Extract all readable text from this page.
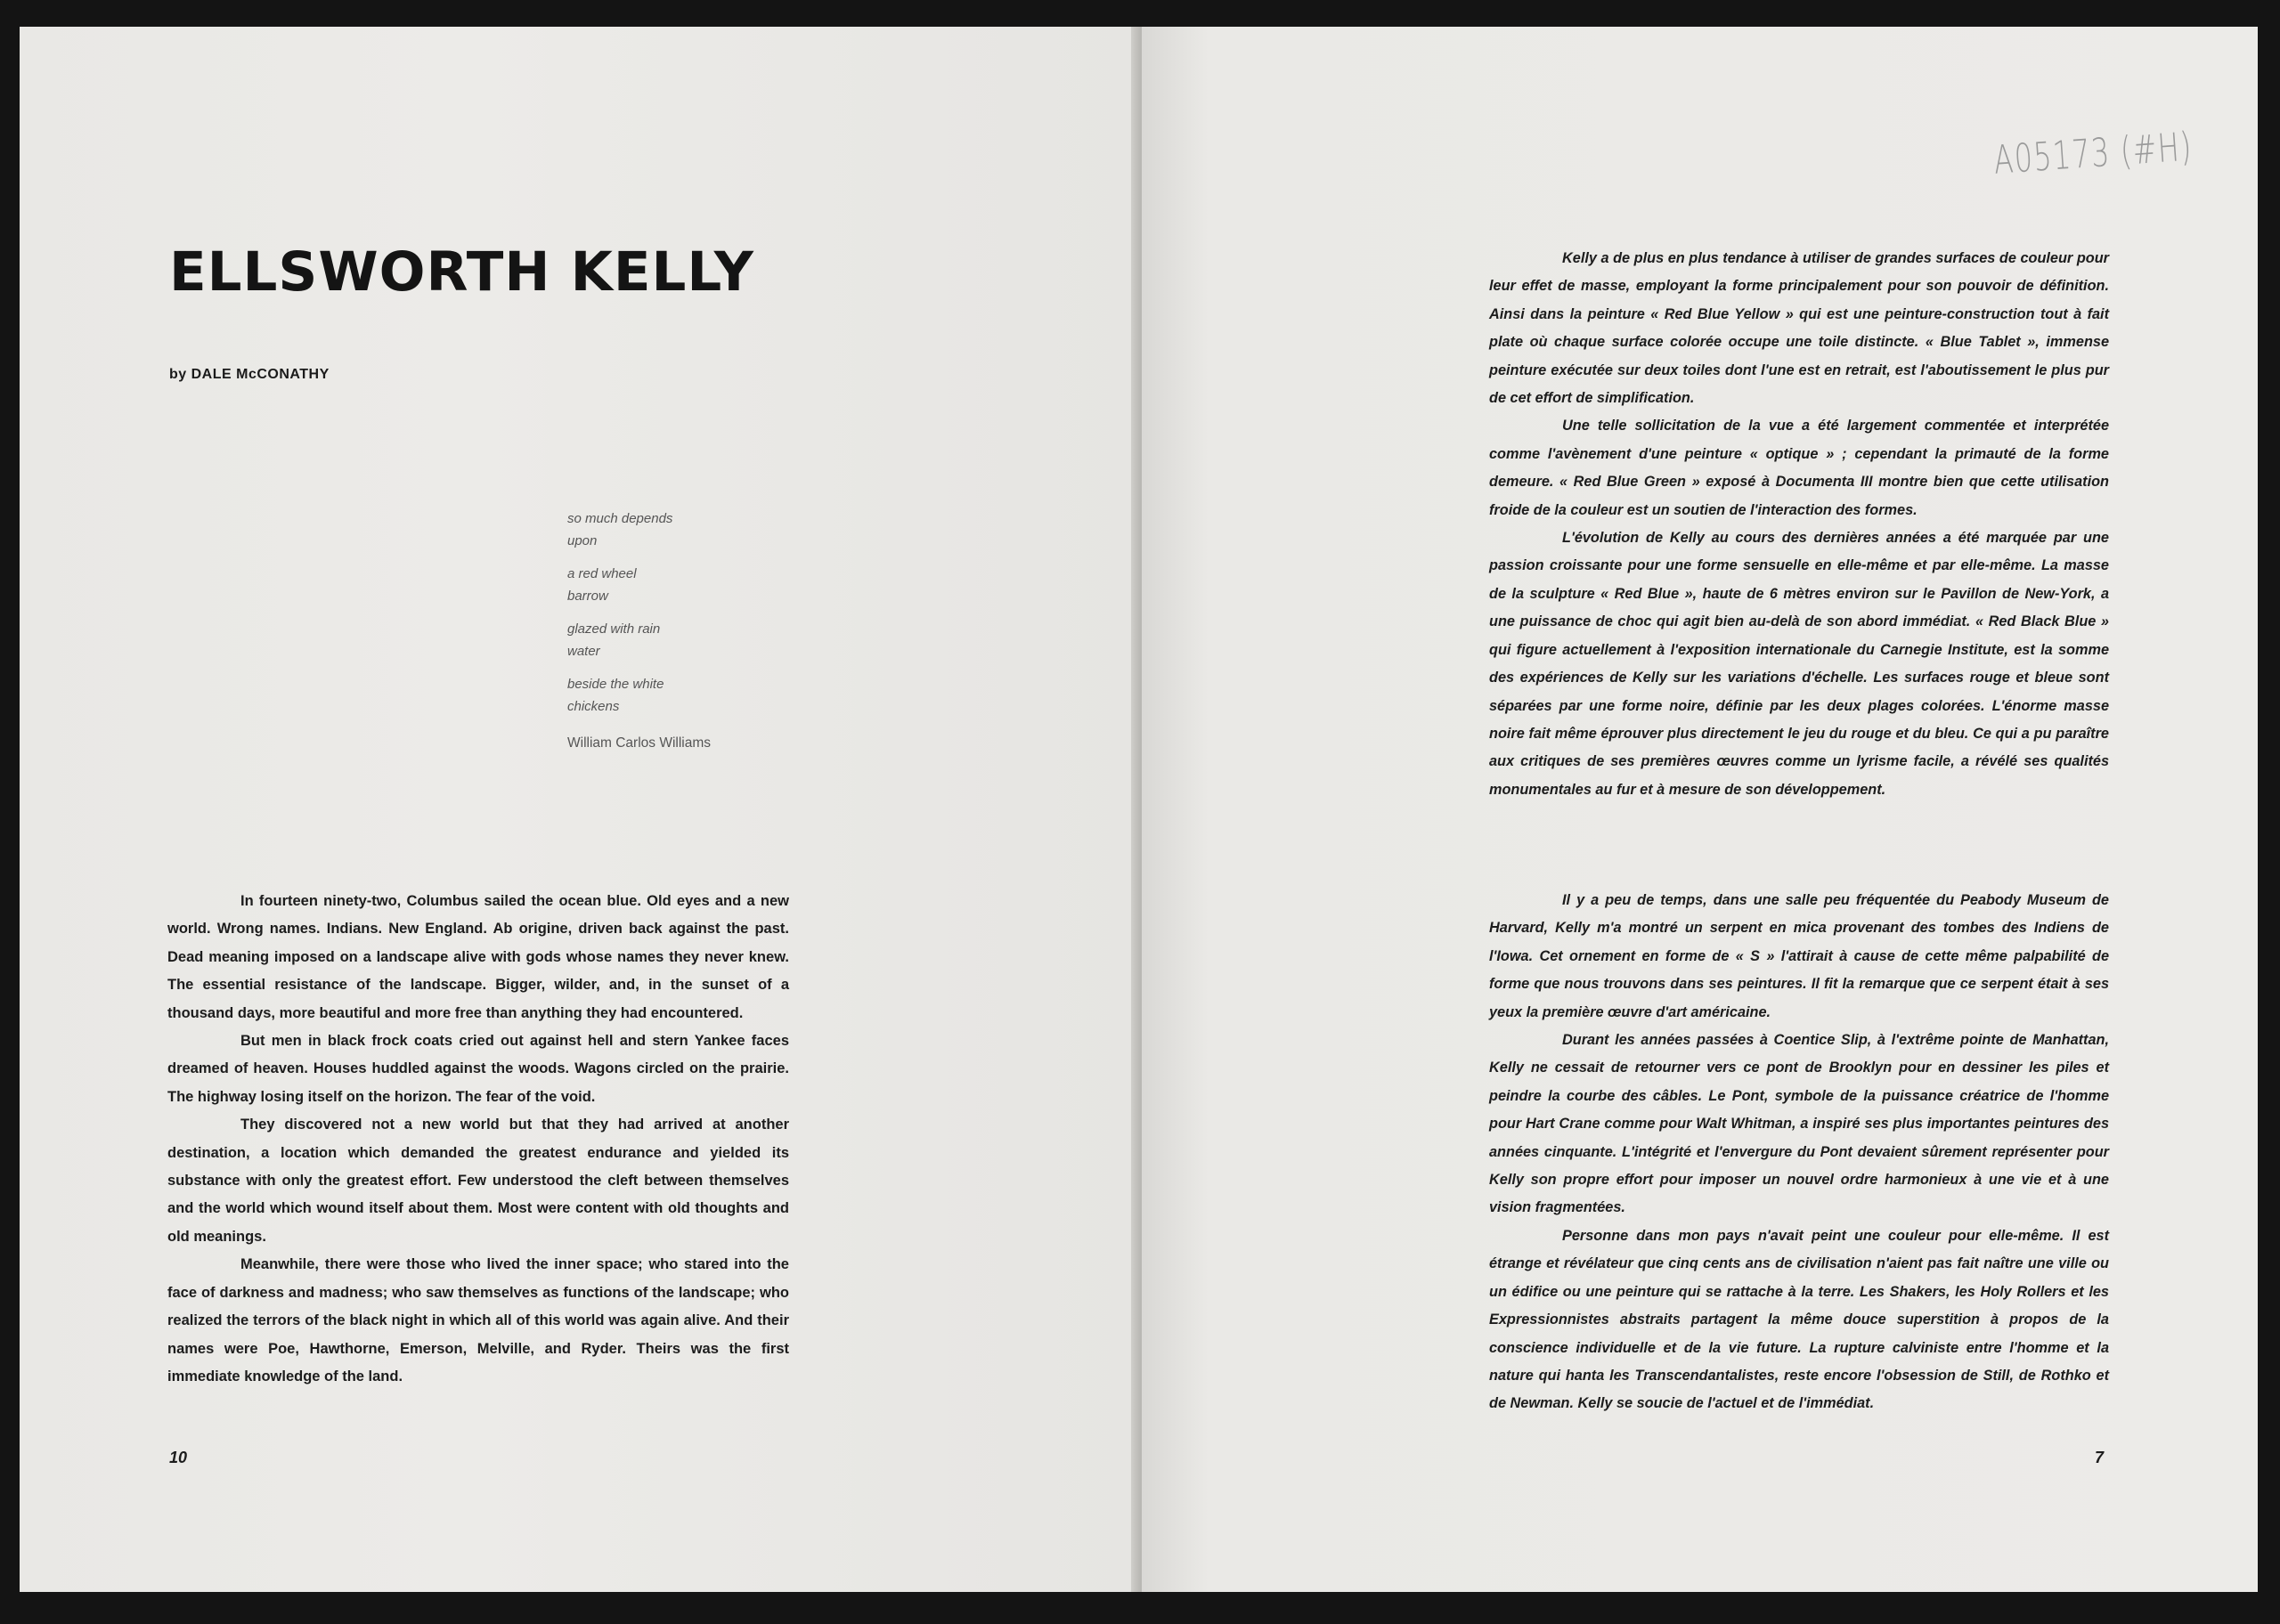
ELLSWORTH KELLY
by DALE McCONATHY
so much depends
upon
a red wheel
barrow
glazed with rain
water
beside the white
chickens
William Carlos Williams

In fourteen ninety-two, Columbus sailed the ocean blue. Old eyes and a new world. Wrong names. Indians. New England. Ab origine, driven back against the past. Dead meaning imposed on a landscape alive with gods whose names they never knew. The essential resistance of the landscape. Bigger, wilder, and, in the sunset of a thousand days, more beautiful and more free than anything they had encountered.

But men in black frock coats cried out against hell and stern Yankee faces dreamed of heaven. Houses huddled against the woods. Wagons circled on the prairie. The highway losing itself on the horizon. The fear of the void.

They discovered not a new world but that they had arrived at another destination, a location which demanded the greatest endurance and yielded its substance with only the greatest effort. Few understood the cleft between themselves and the world which wound itself about them. Most were content with old thoughts and old meanings.

Meanwhile, there were those who lived the inner space; who stared into the face of darkness and madness; who saw themselves as functions of the landscape; who realized the terrors of the black night in which all of this world was again alive. And their names were Poe, Hawthorne, Emerson, Melville, and Ryder. Theirs was the first immediate knowledge of the land.

10
A05173 (#H)

Kelly a de plus en plus tendance à utiliser de grandes surfaces de couleur pour leur effet de masse, employant la forme principalement pour son pouvoir de définition. Ainsi dans la peinture « Red Blue Yellow » qui est une peinture-construction tout à fait plate où chaque surface colorée occupe une toile distincte. « Blue Tablet », immense peinture exécutée sur deux toiles dont l'une est en retrait, est l'aboutissement le plus pur de cet effort de simplification.

Une telle sollicitation de la vue a été largement commentée et interprétée comme l'avènement d'une peinture « optique » ; cependant la primauté de la forme demeure. « Red Blue Green » exposé à Documenta III montre bien que cette utilisation froide de la couleur est un soutien de l'interaction des formes.

L'évolution de Kelly au cours des dernières années a été marquée par une passion croissante pour une forme sensuelle en elle-même et par elle-même. La masse de la sculpture « Red Blue », haute de 6 mètres environ sur le Pavillon de New-York, a une puissance de choc qui agit bien au-delà de son abord immédiat. « Red Black Blue » qui figure actuellement à l'exposition internationale du Carnegie Institute, est la somme des expériences de Kelly sur les variations d'échelle. Les surfaces rouge et bleue sont séparées par une forme noire, définie par les deux plages colorées. L'énorme masse noire fait même éprouver plus directement le jeu du rouge et du bleu. Ce qui a pu paraître aux critiques de ses premières œuvres comme un lyrisme facile, a révélé ses qualités monumentales au fur et à mesure de son développement.

Il y a peu de temps, dans une salle peu fréquentée du Peabody Museum de Harvard, Kelly m'a montré un serpent en mica provenant des tombes des Indiens de l'Iowa. Cet ornement en forme de « S » l'attirait à cause de cette même palpabilité de forme que nous trouvons dans ses peintures. Il fit la remarque que ce serpent était à ses yeux la première œuvre d'art américaine.

Durant les années passées à Coentice Slip, à l'extrême pointe de Manhattan, Kelly ne cessait de retourner vers ce pont de Brooklyn pour en dessiner les piles et peindre la courbe des câbles. Le Pont, symbole de la puissance créatrice de l'homme pour Hart Crane comme pour Walt Whitman, a inspiré ses plus importantes peintures des années cinquante. L'intégrité et l'envergure du Pont devaient sûrement représenter pour Kelly son propre effort pour imposer un nouvel ordre harmonieux à une vie et à une vision fragmentées.

Personne dans mon pays n'avait peint une couleur pour elle-même. Il est étrange et révélateur que cinq cents ans de civilisation n'aient pas fait naître une ville ou un édifice ou une peinture qui se rattache à la terre. Les Shakers, les Holy Rollers et les Expressionnistes abstraits partagent la même douce superstition à propos de la conscience individuelle et de la vie future. La rupture calviniste entre l'homme et la nature qui hanta les Transcendantalistes, reste encore l'obsession de Still, de Rothko et de Newman. Kelly se soucie de l'actuel et de l'immédiat.

7
